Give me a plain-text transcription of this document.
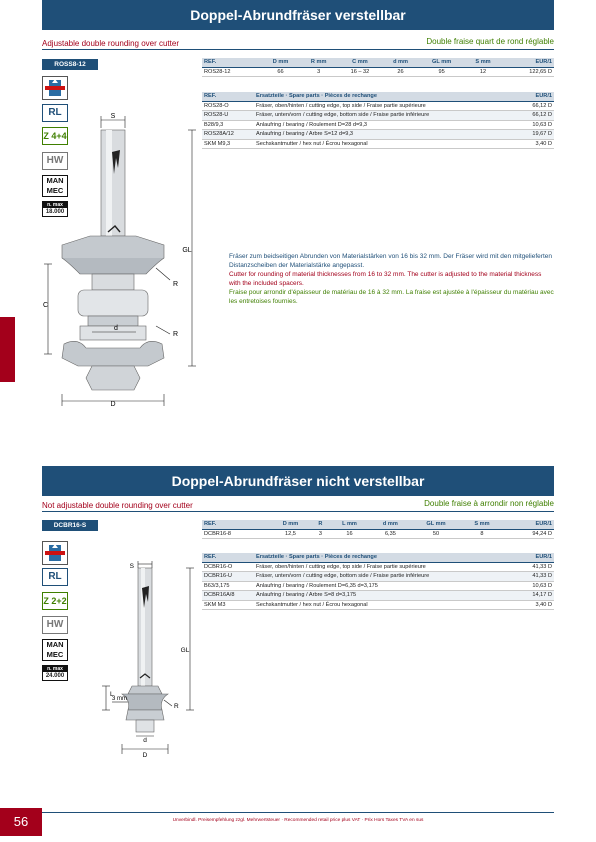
Doppel-Abrundfräser verstellbar
Adjustable double rounding over cutter	Double fraise quart de rond réglable
ROSS8-12
RL
Z 4+4
HW
MAN
MEC
n. max
18.000
REF.	D mm	R mm	C mm	d mm	GL mm	S mm	EUR/1
ROS28-12	66	3	16 – 32	26	95	12	122,65 D
REF.	Ersatzteile · Spare parts · Pièces de rechange	EUR/1
ROS28-O	Fräser, oben/hinten / cutting edge, top side / Fraise partie supérieure	66,12 D
ROS28-U	Fräser, unten/vorn / cutting edge, bottom side / Fraise partie inférieure	66,12 D
B28/9,3	Anlaufring / bearing / Roulement D=28 d=9,3	10,63 D
ROS28A/12	Anlaufring / bearing / Arbre S=12 d=9,3	19,67 D
SKM M9,3	Sechskantmutter / hex nut / Écrou hexagonal	3,40 D
S
GL
R
R
C
d
D

Fräser zum beidseitigen Abrunden von Materialstärken von 16 bis 32 mm. Der Fräser wird mit den mitgelieferten Distanzscheiben der Materialstärke angepasst.

Cutter for rounding of material thicknesses from 16 to 32 mm. The cutter is adjusted to the material thickness with the included spacers.

Fraise pour arrondir d'épaisseur de matériau de 16 à 32 mm. La fraise est ajustée à l'épaisseur du matériau avec les entretoises fournies.

Doppel-Abrundfräser nicht verstellbar
Not adjustable double rounding over cutter	Double fraise à arrondir non réglable
DCBR16-S
RL
Z 2+2
HW
MAN
MEC
n. max
24.000
REF.	D mm	R	L mm	d mm	GL mm	S mm	EUR/1
DCBR16-8	12,5	3	16	6,35	50	8	94,24 D
REF.	Ersatzteile · Spare parts · Pièces de rechange	EUR/1
DCBR16-O	Fräser, oben/hinten / cutting edge, top side / Fraise partie supérieure	41,33 D
DCBR16-U	Fräser, unten/vorn / cutting edge, bottom side / Fraise partie inférieure	41,33 D
B63/3,175	Anlaufring / bearing / Roulement D=6,35 d=3,175	10,63 D
DCBR16A/8	Anlaufring / bearing / Arbre S=8 d=3,175	14,17 D
SKM M3	Sechskantmutter / hex nut / Écrou hexagonal	3,40 D
S
GL
R
L
3 mm
d
D
56	Unverbindl. Preisempfehlung zzgl. Mehrwertsteuer · Recommended retail price plus VAT · Prix Hors Taxes TVA en sus
